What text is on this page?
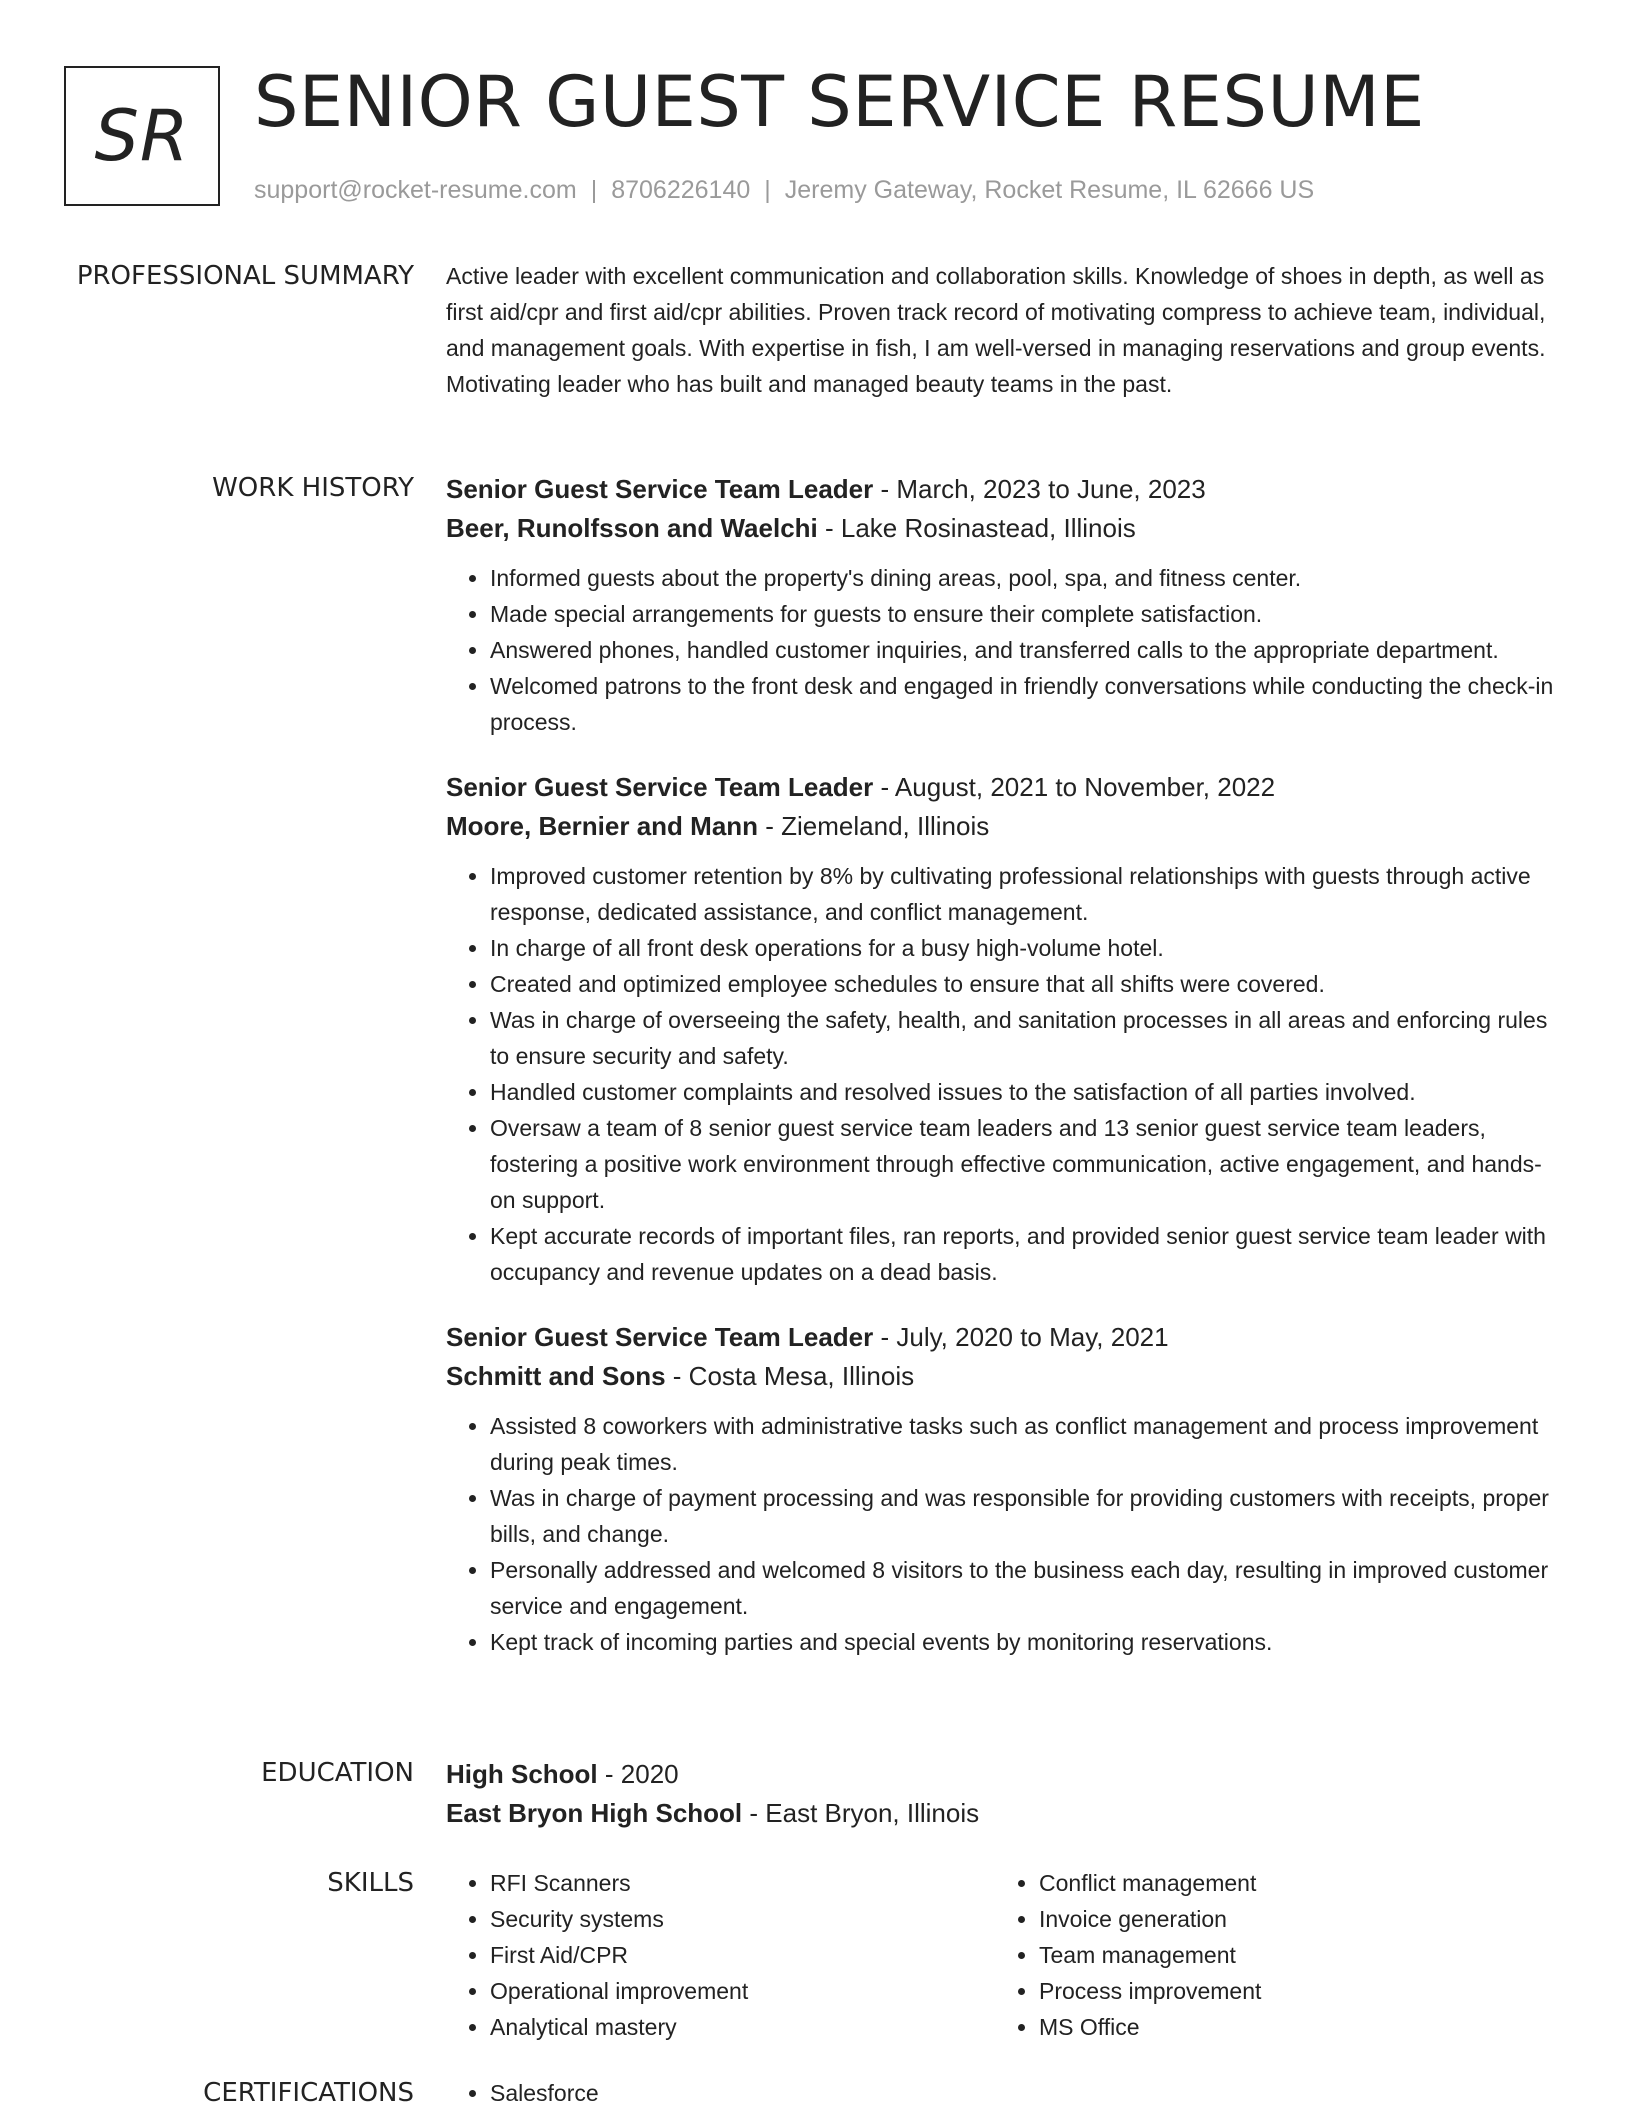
SR SENIOR GUEST SERVICE RESUME
support@rocket-resume.com | 8706226140 | Jeremy Gateway, Rocket Resume, IL 62666 US
PROFESSIONAL SUMMARY Active leader with excellent communication and collaboration skills. Knowledge of shoes in depth, as well as first aid/cpr and first aid/cpr abilities. Proven track record of motivating compress to achieve team, individual, and management goals. With expertise in fish, I am well-versed in managing reservations and group events. Motivating leader who has built and managed beauty teams in the past.

WORK HISTORY Senior Guest Service Team Leader - March, 2023 to June, 2023
Beer, Runolfsson and Waelchi - Lake Rosinastead, Illinois
• Informed guests about the property's dining areas, pool, spa, and fitness center.
• Made special arrangements for guests to ensure their complete satisfaction.
• Answered phones, handled customer inquiries, and transferred calls to the appropriate department.
• Welcomed patrons to the front desk and engaged in friendly conversations while conducting the check-in process.
Senior Guest Service Team Leader - August, 2021 to November, 2022
Moore, Bernier and Mann - Ziemeland, Illinois
• Improved customer retention by 8% by cultivating professional relationships with guests through active response, dedicated assistance, and conflict management.
• In charge of all front desk operations for a busy high-volume hotel.
• Created and optimized employee schedules to ensure that all shifts were covered.
• Was in charge of overseeing the safety, health, and sanitation processes in all areas and enforcing rules to ensure security and safety.
• Handled customer complaints and resolved issues to the satisfaction of all parties involved.
• Oversaw a team of 8 senior guest service team leaders and 13 senior guest service team leaders, fostering a positive work environment through effective communication, active engagement, and hands-on support.
• Kept accurate records of important files, ran reports, and provided senior guest service team leader with occupancy and revenue updates on a dead basis.
Senior Guest Service Team Leader - July, 2020 to May, 2021
Schmitt and Sons - Costa Mesa, Illinois
• Assisted 8 coworkers with administrative tasks such as conflict management and process improvement during peak times.
• Was in charge of payment processing and was responsible for providing customers with receipts, proper bills, and change.
• Personally addressed and welcomed 8 visitors to the business each day, resulting in improved customer service and engagement.
• Kept track of incoming parties and special events by monitoring reservations.
EDUCATION High School - 2020
East Bryon High School - East Bryon, Illinois
SKILLS	• RFI Scanners
• Security systems
• First Aid/CPR
• Operational improvement
• Analytical mastery
• Conflict management
• Invoice generation
• Team management
• Process improvement
• MS Office
CERTIFICATIONS	• Salesforce
